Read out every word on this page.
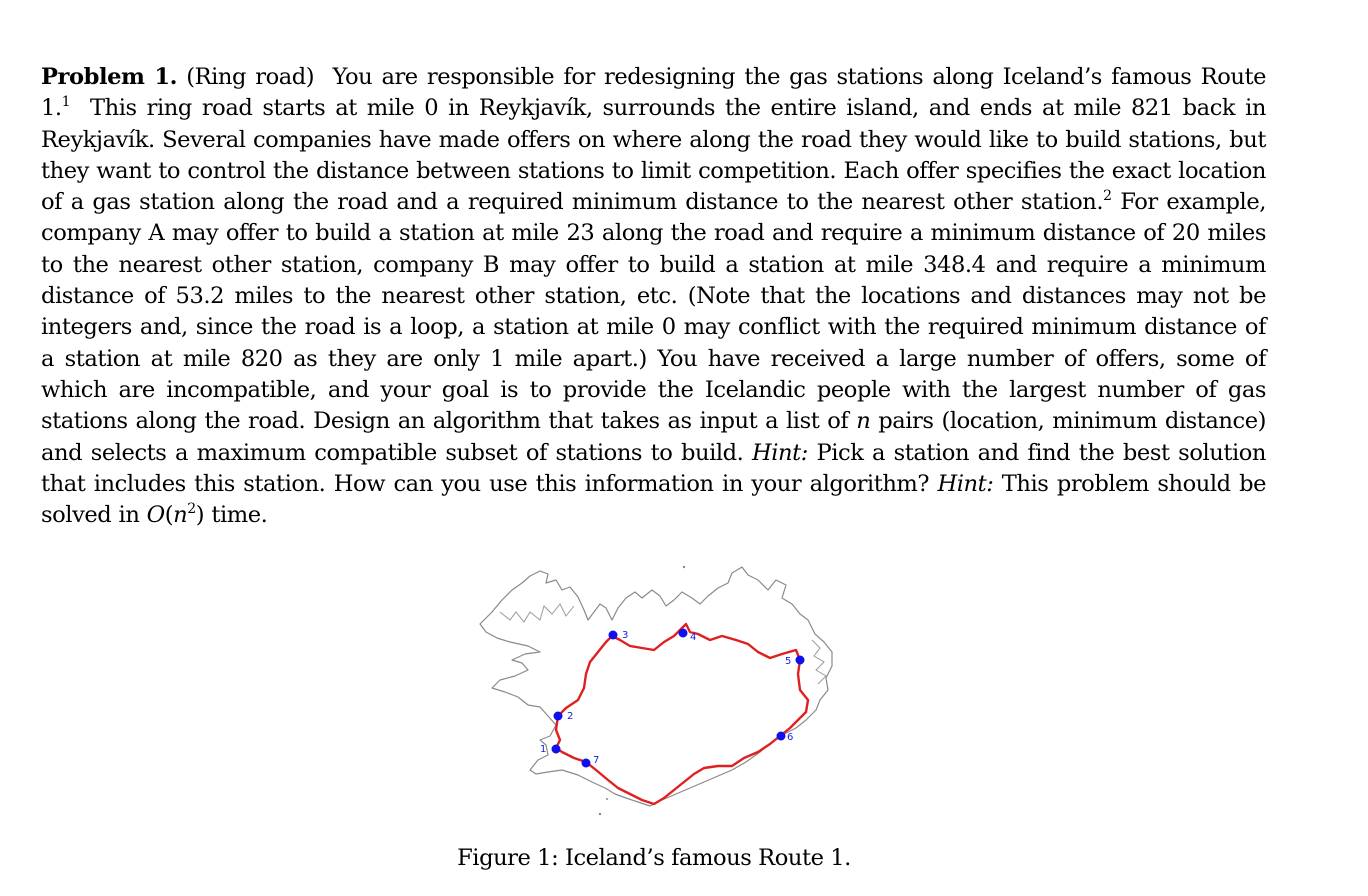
Problem 1. (Ring road) You are responsible for redesigning the gas stations along Iceland’s famous Route 1.$^1$ This ring road starts at mile 0 in Reykjavík, surrounds the entire island, and ends at mile 821 back in Reykjavík. Several companies have made offers on where along the road they would like to build stations, but they want to control the distance between stations to limit competition. Each offer specifies the exact location of a gas station along the road and a required minimum distance to the nearest other station.$^2$ For example, company A may offer to build a station at mile 23 along the road and require a minimum distance of 20 miles to the nearest other station, company B may offer to build a station at mile 348.4 and require a minimum distance of 53.2 miles to the nearest other station, etc. (Note that the locations and distances may not be integers and, since the road is a loop, a station at mile 0 may conflict with the required minimum distance of a station at mile 820 as they are only 1 mile apart.) You have received a large number of offers, some of which are incompatible, and your goal is to provide the Icelandic people with the largest number of gas stations along the road. Design an algorithm that takes as input a list of n pairs (location, minimum distance) and selects a maximum compatible subset of stations to build. Hint: Pick a station and find the best solution that includes this station. How can you use this information in your algorithm? Hint: This problem should be solved in $O(n^2)$ time.
1
2
3	4
5
6
7
Figure 1: Iceland’s famous Route 1.
